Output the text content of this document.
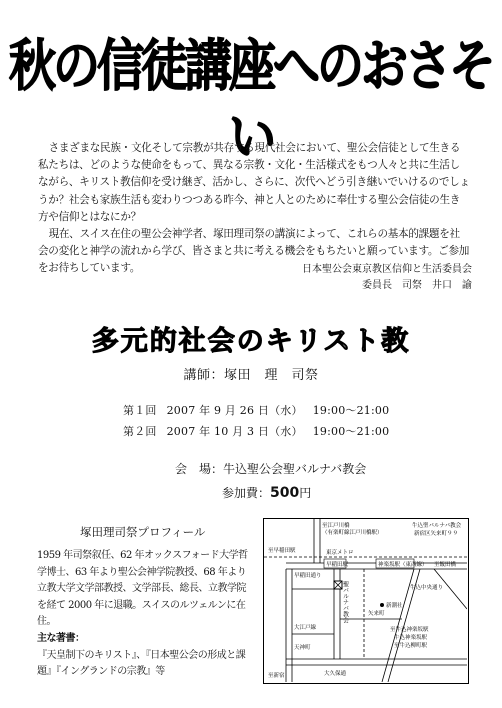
秋の信徒講座へのおさそい

さまざまな民族・文化そして宗教が共存する現代社会において、聖公会信徒として生きる私たちは、どのような使命をもって、異なる宗教・文化・生活様式をもつ人々と共に生活しながら、キリスト教信仰を受け継ぎ、活かし、さらに、次代へどう引き継いでいけるのでしょうか？社会も家族生活も変わりつつある昨今、神と人とのために奉仕する聖公会信徒の生き方や信仰とはなにか？

現在、スイス在住の聖公会神学者、塚田理司祭の講演によって、これらの基本的課題を社会の変化と神学の流れから学び、皆さまと共に考える機会をもちたいと願っています。ご参加をお待ちしています。	日本聖公会東京教区信仰と生活委員会
委員長　司祭　井口　諭
多元的社会のキリスト教
講師：塚田　理　司祭
第１回 2007 年 9 月 26 日（水） 19:00～21:00
第２回 2007 年 10 月 3 日（水） 19:00～21:00
会　場：牛込聖公会聖バルナバ教会
参加費：500円
塚田理司祭プロフィール

1959 年司祭叙任、62 年オックスフォード大学哲学博士、63 年より聖公会神学院教授、68 年より立教大学文学部教授、文学部長、総長、立教学院を経て 2000 年に退職。スイスのルツェルンに在住。

主な著書：

『天皇制下のキリスト』、『日本聖公会の形成と課題』『イングランドの宗教』等

牛込聖バルナバ教会
新宿区矢来町９９
至江戸川橋
（有楽町線江戸川橋駅）
至早稲田駅	東京メトロ
早稲田駅	神楽坂駅（東西線） 至飯田橋
早稲田通り
新潮社
牛込中央通り
矢来町
至牛込柳町駅
大江戸線	至牛込神楽坂駅
牛込神楽坂駅
天神町
至新宿	大久保通
聖バルナバ教会
